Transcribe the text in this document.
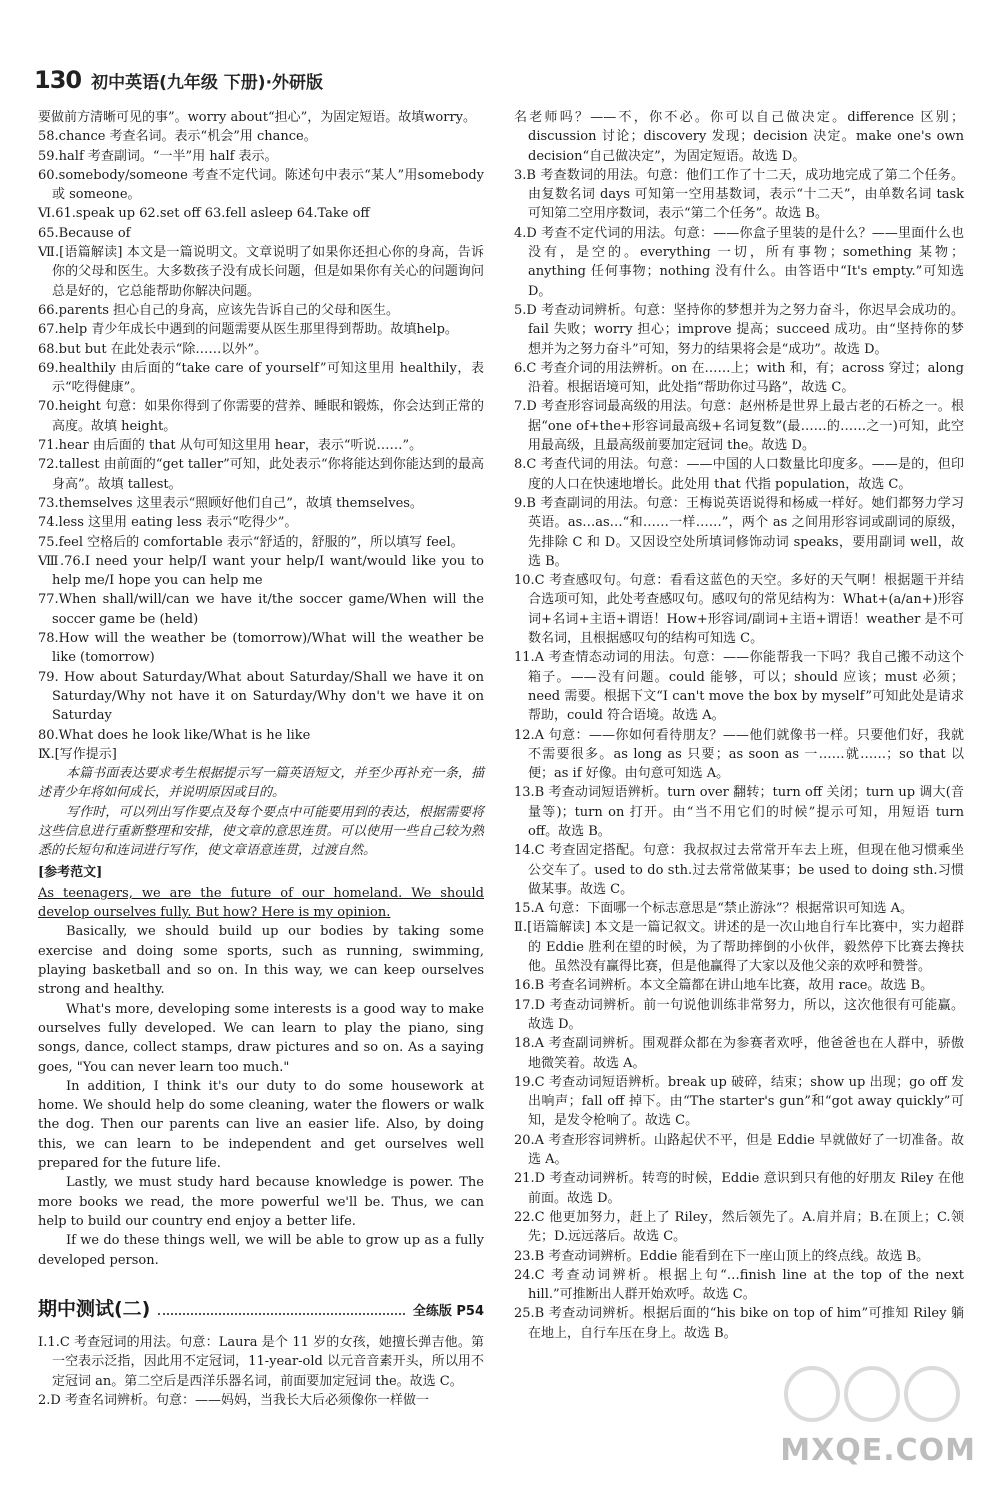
130 初中英语(九年级 下册)·外研版
要做前方清晰可见的事”。worry about“担心”，为固定短语。故填worry。
58.chance 考查名词。表示“机会”用 chance。
59.half 考查副词。“一半”用 half 表示。
60.somebody/someone 考查不定代词。陈述句中表示“某人”用somebody 或 someone。
Ⅵ.61.speak up 62.set off 63.fell asleep 64.Take off
65.Because of
Ⅶ.[语篇解读] 本文是一篇说明文。文章说明了如果你还担心你的身高，告诉你的父母和医生。大多数孩子没有成长问题，但是如果你有关心的问题询问总是好的，它总能帮助你解决问题。
66.parents 担心自己的身高，应该先告诉自己的父母和医生。
67.help 青少年成长中遇到的问题需要从医生那里得到帮助。故填help。
68.but but 在此处表示“除……以外”。
69.healthily 由后面的“take care of yourself”可知这里用 healthily，表示“吃得健康”。
70.height 句意：如果你得到了你需要的营养、睡眠和锻炼，你会达到正常的高度。故填 height。
71.hear 由后面的 that 从句可知这里用 hear，表示“听说……”。
72.tallest 由前面的“get taller”可知，此处表示“你将能达到你能达到的最高身高”。故填 tallest。
73.themselves 这里表示“照顾好他们自己”，故填 themselves。
74.less 这里用 eating less 表示“吃得少”。
75.feel 空格后的 comfortable 表示“舒适的，舒服的”，所以填写 feel。
Ⅷ.76.I need your help/I want your help/I want/would like you to help me/I hope you can help me
77.When shall/will/can we have it/the soccer game/When will the soccer game be (held)
78.How will the weather be (tomorrow)/What will the weather be like (tomorrow)
79. How about Saturday/What about Saturday/Shall we have it on Saturday/Why not have it on Saturday/Why don't we have it on Saturday
80.What does he look like/What is he like
Ⅸ.[写作提示]
本篇书面表达要求考生根据提示写一篇英语短文，并至少再补充一条，描述青少年将如何成长，并说明原因或目的。
写作时，可以列出写作要点及每个要点中可能要用到的表达，根据需要将这些信息进行重新整理和安排，使文章的意思连贯。可以使用一些自己较为熟悉的长短句和连词进行写作，使文章语意连贯，过渡自然。
[参考范文]
As teenagers, we are the future of our homeland. We should develop ourselves fully. But how? Here is my opinion.
Basically, we should build up our bodies by taking some exercise and doing some sports, such as running, swimming, playing basketball and so on. In this way, we can keep ourselves strong and healthy.
What's more, developing some interests is a good way to make ourselves fully developed. We can learn to play the piano, sing songs, dance, collect stamps, draw pictures and so on. As a saying goes, "You can never learn too much."
In addition, I think it's our duty to do some housework at home. We should help do some cleaning, water the flowers or walk the dog. Then our parents can live an easier life. Also, by doing this, we can learn to be independent and get ourselves well prepared for the future life.
Lastly, we must study hard because knowledge is power. The more books we read, the more powerful we'll be. Thus, we can help to build our country end enjoy a better life.
If we do these things well, we will be able to grow up as a fully developed person.
期中测试(二)	全练版 P54
Ⅰ.1.C 考查冠词的用法。句意：Laura 是个 11 岁的女孩，她擅长弹吉他。第一空表示泛指，因此用不定冠词，11-year-old 以元音音素开头，所以用不定冠词 an。第二空后是西洋乐器名词，前面要加定冠词 the。故选 C。
2.D 考查名词辨析。句意：——妈妈，当我长大后必须像你一样做一
名老师吗？——不，你不必。你可以自己做决定。difference 区别；discussion 讨论；discovery 发现；decision 决定。make one's own decision“自己做决定”，为固定短语。故选 D。
3.B 考查数词的用法。句意：他们工作了十二天，成功地完成了第二个任务。由复数名词 days 可知第一空用基数词，表示“十二天”，由单数名词 task 可知第二空用序数词，表示“第二个任务”。故选 B。
4.D 考查不定代词的用法。句意：——你盒子里装的是什么？——里面什么也没有，是空的。everything 一切，所有事物；something 某物；anything 任何事物；nothing 没有什么。由答语中“It's empty.”可知选 D。
5.D 考查动词辨析。句意：坚持你的梦想并为之努力奋斗，你迟早会成功的。fail 失败；worry 担心；improve 提高；succeed 成功。由“坚持你的梦想并为之努力奋斗”可知，努力的结果将会是“成功”。故选 D。
6.C 考查介词的用法辨析。on 在……上；with 和，有；across 穿过；along 沿着。根据语境可知，此处指“帮助你过马路”，故选 C。
7.D 考查形容词最高级的用法。句意：赵州桥是世界上最古老的石桥之一。根据“one of+the+形容词最高级+名词复数”(最……的……之一)可知，此空用最高级，且最高级前要加定冠词 the。故选 D。
8.C 考查代词的用法。句意：——中国的人口数量比印度多。——是的，但印度的人口在快速地增长。此处用 that 代指 population，故选 C。
9.B 考查副词的用法。句意：王梅说英语说得和杨威一样好。她们都努力学习英语。as…as…“和……一样……”，两个 as 之间用形容词或副词的原级，先排除 C 和 D。又因设空处所填词修饰动词 speaks，要用副词 well，故选 B。
10.C 考查感叹句。句意：看看这蓝色的天空。多好的天气啊！根据题干并结合选项可知，此处考查感叹句。感叹句的常见结构为：What+(a/an+)形容词+名词+主语+谓语！How+形容词/副词+主语+谓语！weather 是不可数名词，且根据感叹句的结构可知选 C。
11.A 考查情态动词的用法。句意：——你能帮我一下吗？我自己搬不动这个箱子。——没有问题。could 能够，可以；should 应该；must 必须；need 需要。根据下文“I can't move the box by myself”可知此处是请求帮助，could 符合语境。故选 A。
12.A 句意：——你如何看待朋友？——他们就像书一样。只要他们好，我就不需要很多。as long as 只要；as soon as 一……就……；so that 以便；as if 好像。由句意可知选 A。
13.B 考查动词短语辨析。turn over 翻转；turn off 关闭；turn up 调大(音量等)；turn on 打开。由“当不用它们的时候”提示可知，用短语 turn off。故选 B。
14.C 考查固定搭配。句意：我叔叔过去常常开车去上班，但现在他习惯乘坐公交车了。used to do sth.过去常常做某事；be used to doing sth.习惯做某事。故选 C。
15.A 句意：下面哪一个标志意思是“禁止游泳”？根据常识可知选 A。
Ⅱ.[语篇解读] 本文是一篇记叙文。讲述的是一次山地自行车比赛中，实力超群的 Eddie 胜利在望的时候，为了帮助摔倒的小伙伴，毅然停下比赛去搀扶他。虽然没有赢得比赛，但是他赢得了大家以及他父亲的欢呼和赞誉。
16.B 考查名词辨析。本文全篇都在讲山地车比赛，故用 race。故选 B。
17.D 考查动词辨析。前一句说他训练非常努力，所以，这次他很有可能赢。故选 D。
18.A 考查副词辨析。围观群众都在为参赛者欢呼，他爸爸也在人群中，骄傲地微笑着。故选 A。
19.C 考查动词短语辨析。break up 破碎，结束；show up 出现；go off 发出响声；fall off 掉下。由“The starter's gun”和“got away quickly”可知，是发令枪响了。故选 C。
20.A 考查形容词辨析。山路起伏不平，但是 Eddie 早就做好了一切准备。故选 A。
21.D 考查动词辨析。转弯的时候，Eddie 意识到只有他的好朋友 Riley 在他前面。故选 D。
22.C 他更加努力，赶上了 Riley，然后领先了。A.肩并肩；B.在顶上；C.领先；D.远远落后。故选 C。
23.B 考查动词辨析。Eddie 能看到在下一座山顶上的终点线。故选 B。
24.C 考查动词辨析。根据上句“…finish line at the top of the next hill.”可推断出人群开始欢呼。故选 C。
25.B 考查动词辨析。根据后面的“his bike on top of him”可推知 Riley 躺在地上，自行车压在身上。故选 B。
MXQE.COM
